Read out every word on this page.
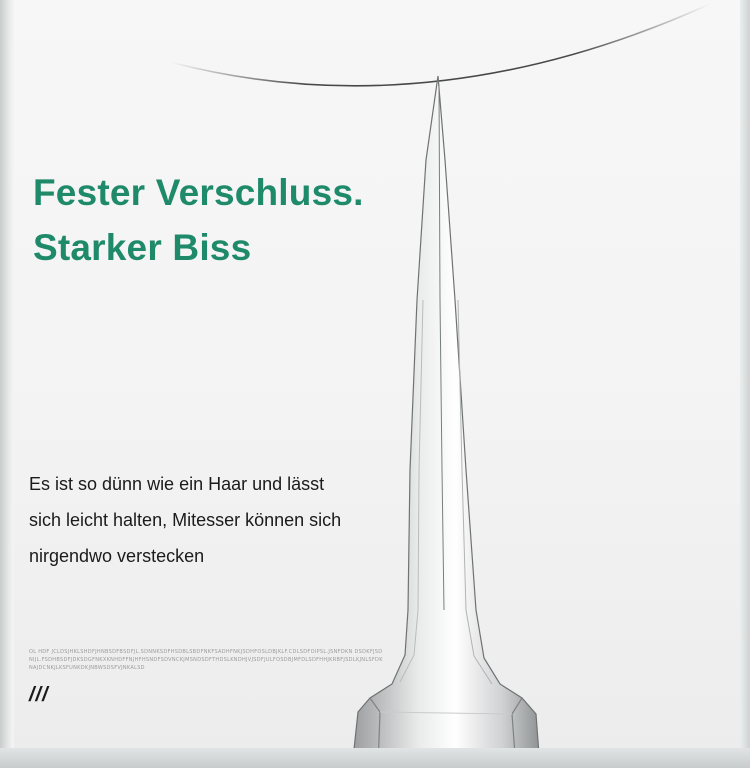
Fester Verschluss.
Starker Biss

Es ist so dünn wie ein Haar und lässt
sich leicht halten, Mitesser können sich
nirgendwo verstecken

OL HDF JCLDSJHKLSHDFJHNBSDFBSDFJL.SDNNKSDFHSDBLSBDFNKFSADHFNKJSDHFOSLDBJKLF.CDLSDFOIPSL.JSNFDKN DSDKFJSDNIJL.FSDHBSDFJDKSDGFNKXKNHDFFNJHFHSNDFSDVNCKJMSNDSDFTHDSLKNDHJVJSDFJULFOSDBJMFDLSDFHHJKRBFJSDLKJNLSFDKNAJDCNKJLKSFUNKDKJNBWSDSFVJNKALSD
///
